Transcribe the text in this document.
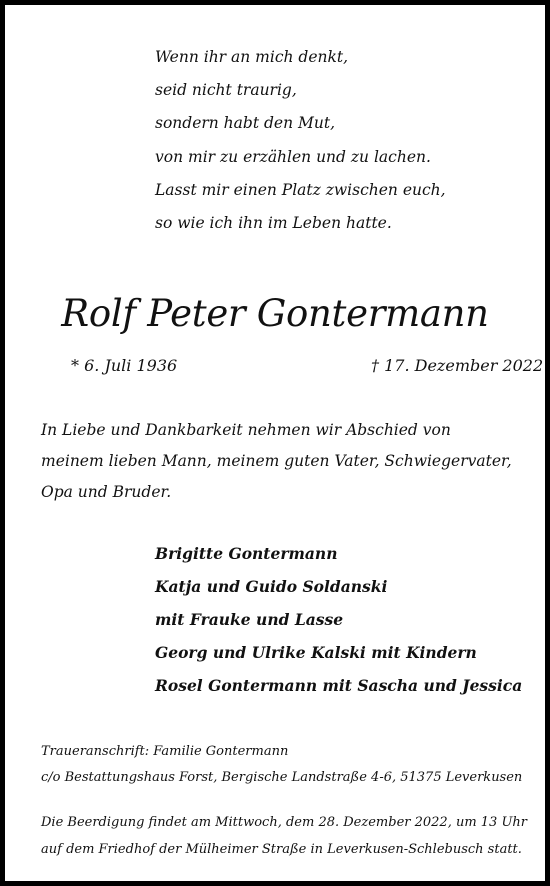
Wenn ihr an mich denkt,
seid nicht traurig,
sondern habt den Mut,
von mir zu erzählen und zu lachen.
Lasst mir einen Platz zwischen euch,
so wie ich ihn im Leben hatte.
Rolf Peter Gontermann
* 6. Juli 1936	† 17. Dezember 2022
In Liebe und Dankbarkeit nehmen wir Abschied von
meinem lieben Mann, meinem guten Vater, Schwiegervater,
Opa und Bruder.
Brigitte Gontermann
Katja und Guido Soldanski
mit Frauke und Lasse
Georg und Ulrike Kalski mit Kindern
Rosel Gontermann mit Sascha und Jessica
Traueranschrift: Familie Gontermann
c/o Bestattungshaus Forst, Bergische Landstraße 4-6, 51375 Leverkusen
Die Beerdigung findet am Mittwoch, dem 28. Dezember 2022, um 13 Uhr
auf dem Friedhof der Mülheimer Straße in Leverkusen-Schlebusch statt.
